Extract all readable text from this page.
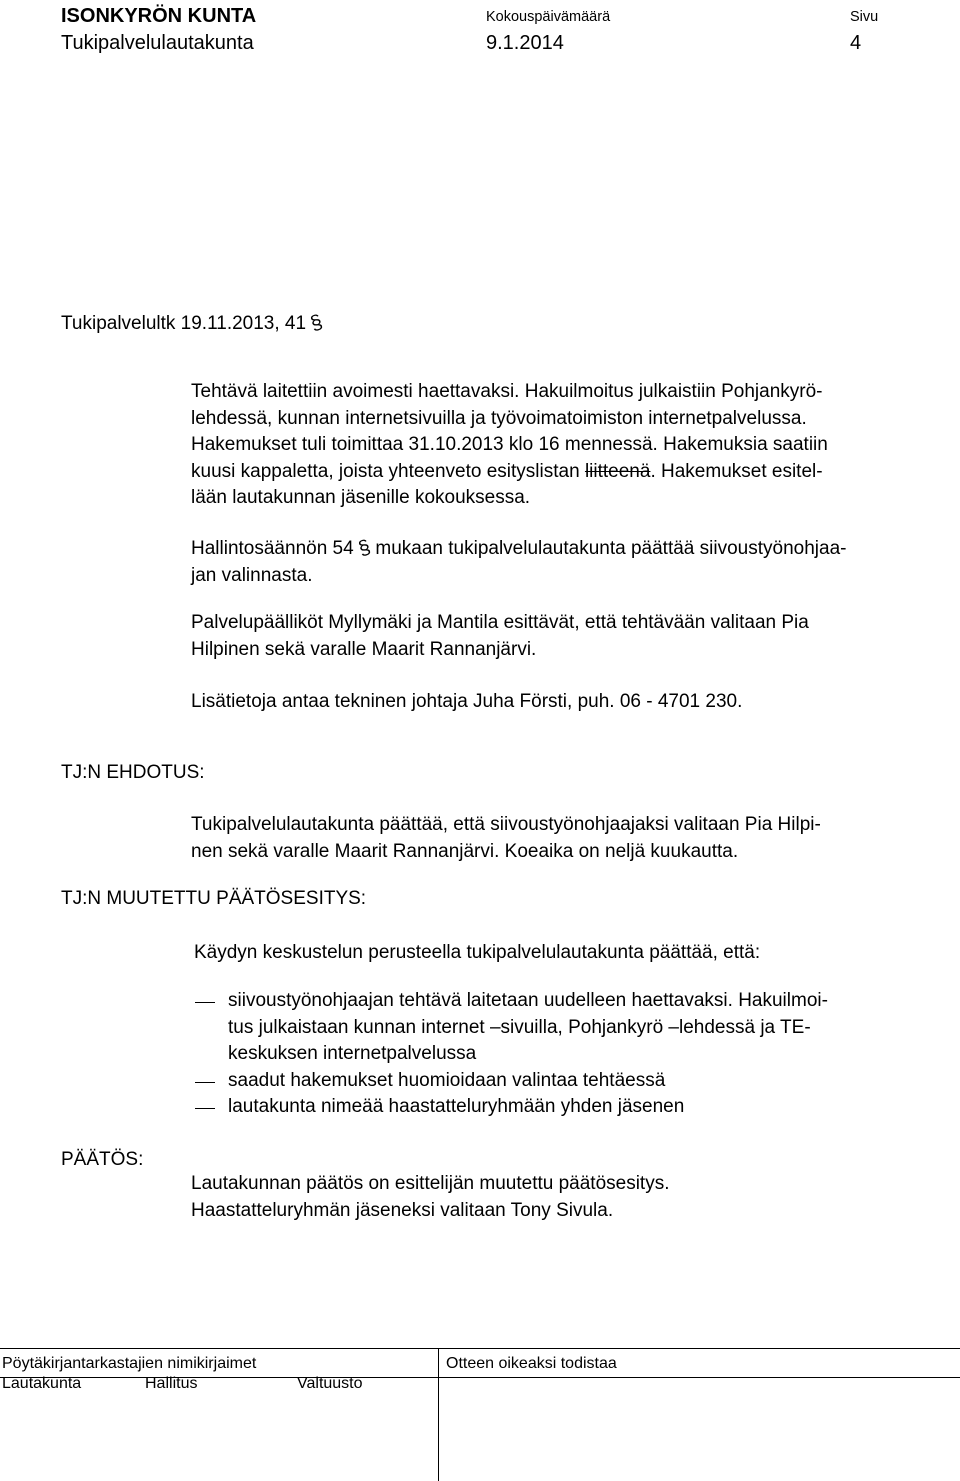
ISONKYRÖN KUNTA
Tukipalvelulautakunta
Kokouspäivämäärä
9.1.2014
Sivu
4
Tukipalvelultk 19.11.2013, 41 §
Tehtävä laitettiin avoimesti haettavaksi. Hakuilmoitus julkaistiin Pohjankyrö-
lehdessä, kunnan internetsivuilla ja työvoimatoimiston internetpalvelussa.
Hakemukset tuli toimittaa 31.10.2013 klo 16 mennessä. Hakemuksia saatiin
kuusi kappaletta, joista yhteenveto esityslistan liitteenä. Hakemukset esitel-
lään lautakunnan jäsenille kokouksessa.
Hallintosäännön 54 § mukaan tukipalvelulautakunta päättää siivoustyönohjaa-
jan valinnasta.
Palvelupäälliköt Myllymäki ja Mantila esittävät, että tehtävään valitaan Pia
Hilpinen sekä varalle Maarit Rannanjärvi.
Lisätietoja antaa tekninen johtaja Juha Försti, puh. 06 - 4701 230.
TJ:N EHDOTUS:
Tukipalvelulautakunta päättää, että siivoustyönohjaajaksi valitaan Pia Hilpi-
nen sekä varalle Maarit Rannanjärvi. Koeaika on neljä kuukautta.
TJ:N MUUTETTU PÄÄTÖSESITYS:
Käydyn keskustelun perusteella tukipalvelulautakunta päättää, että:
siivoustyönohjaajan tehtävä laitetaan uudelleen haettavaksi. Hakuilmoi-
tus julkaistaan kunnan internet –sivuilla, Pohjankyrö –lehdessä ja TE-
keskuksen internetpalvelussa
saadut hakemukset huomioidaan valintaa tehtäessä
lautakunta nimeää haastatteluryhmään yhden jäsenen
PÄÄTÖS:
Lautakunnan päätös on esittelijän muutettu päätösesitys.
Haastatteluryhmän jäseneksi valitaan Tony Sivula.
Pöytäkirjantarkastajien nimikirjaimet	Otteen oikeaksi todistaa
Lautakunta	Hallitus	Valtuusto
